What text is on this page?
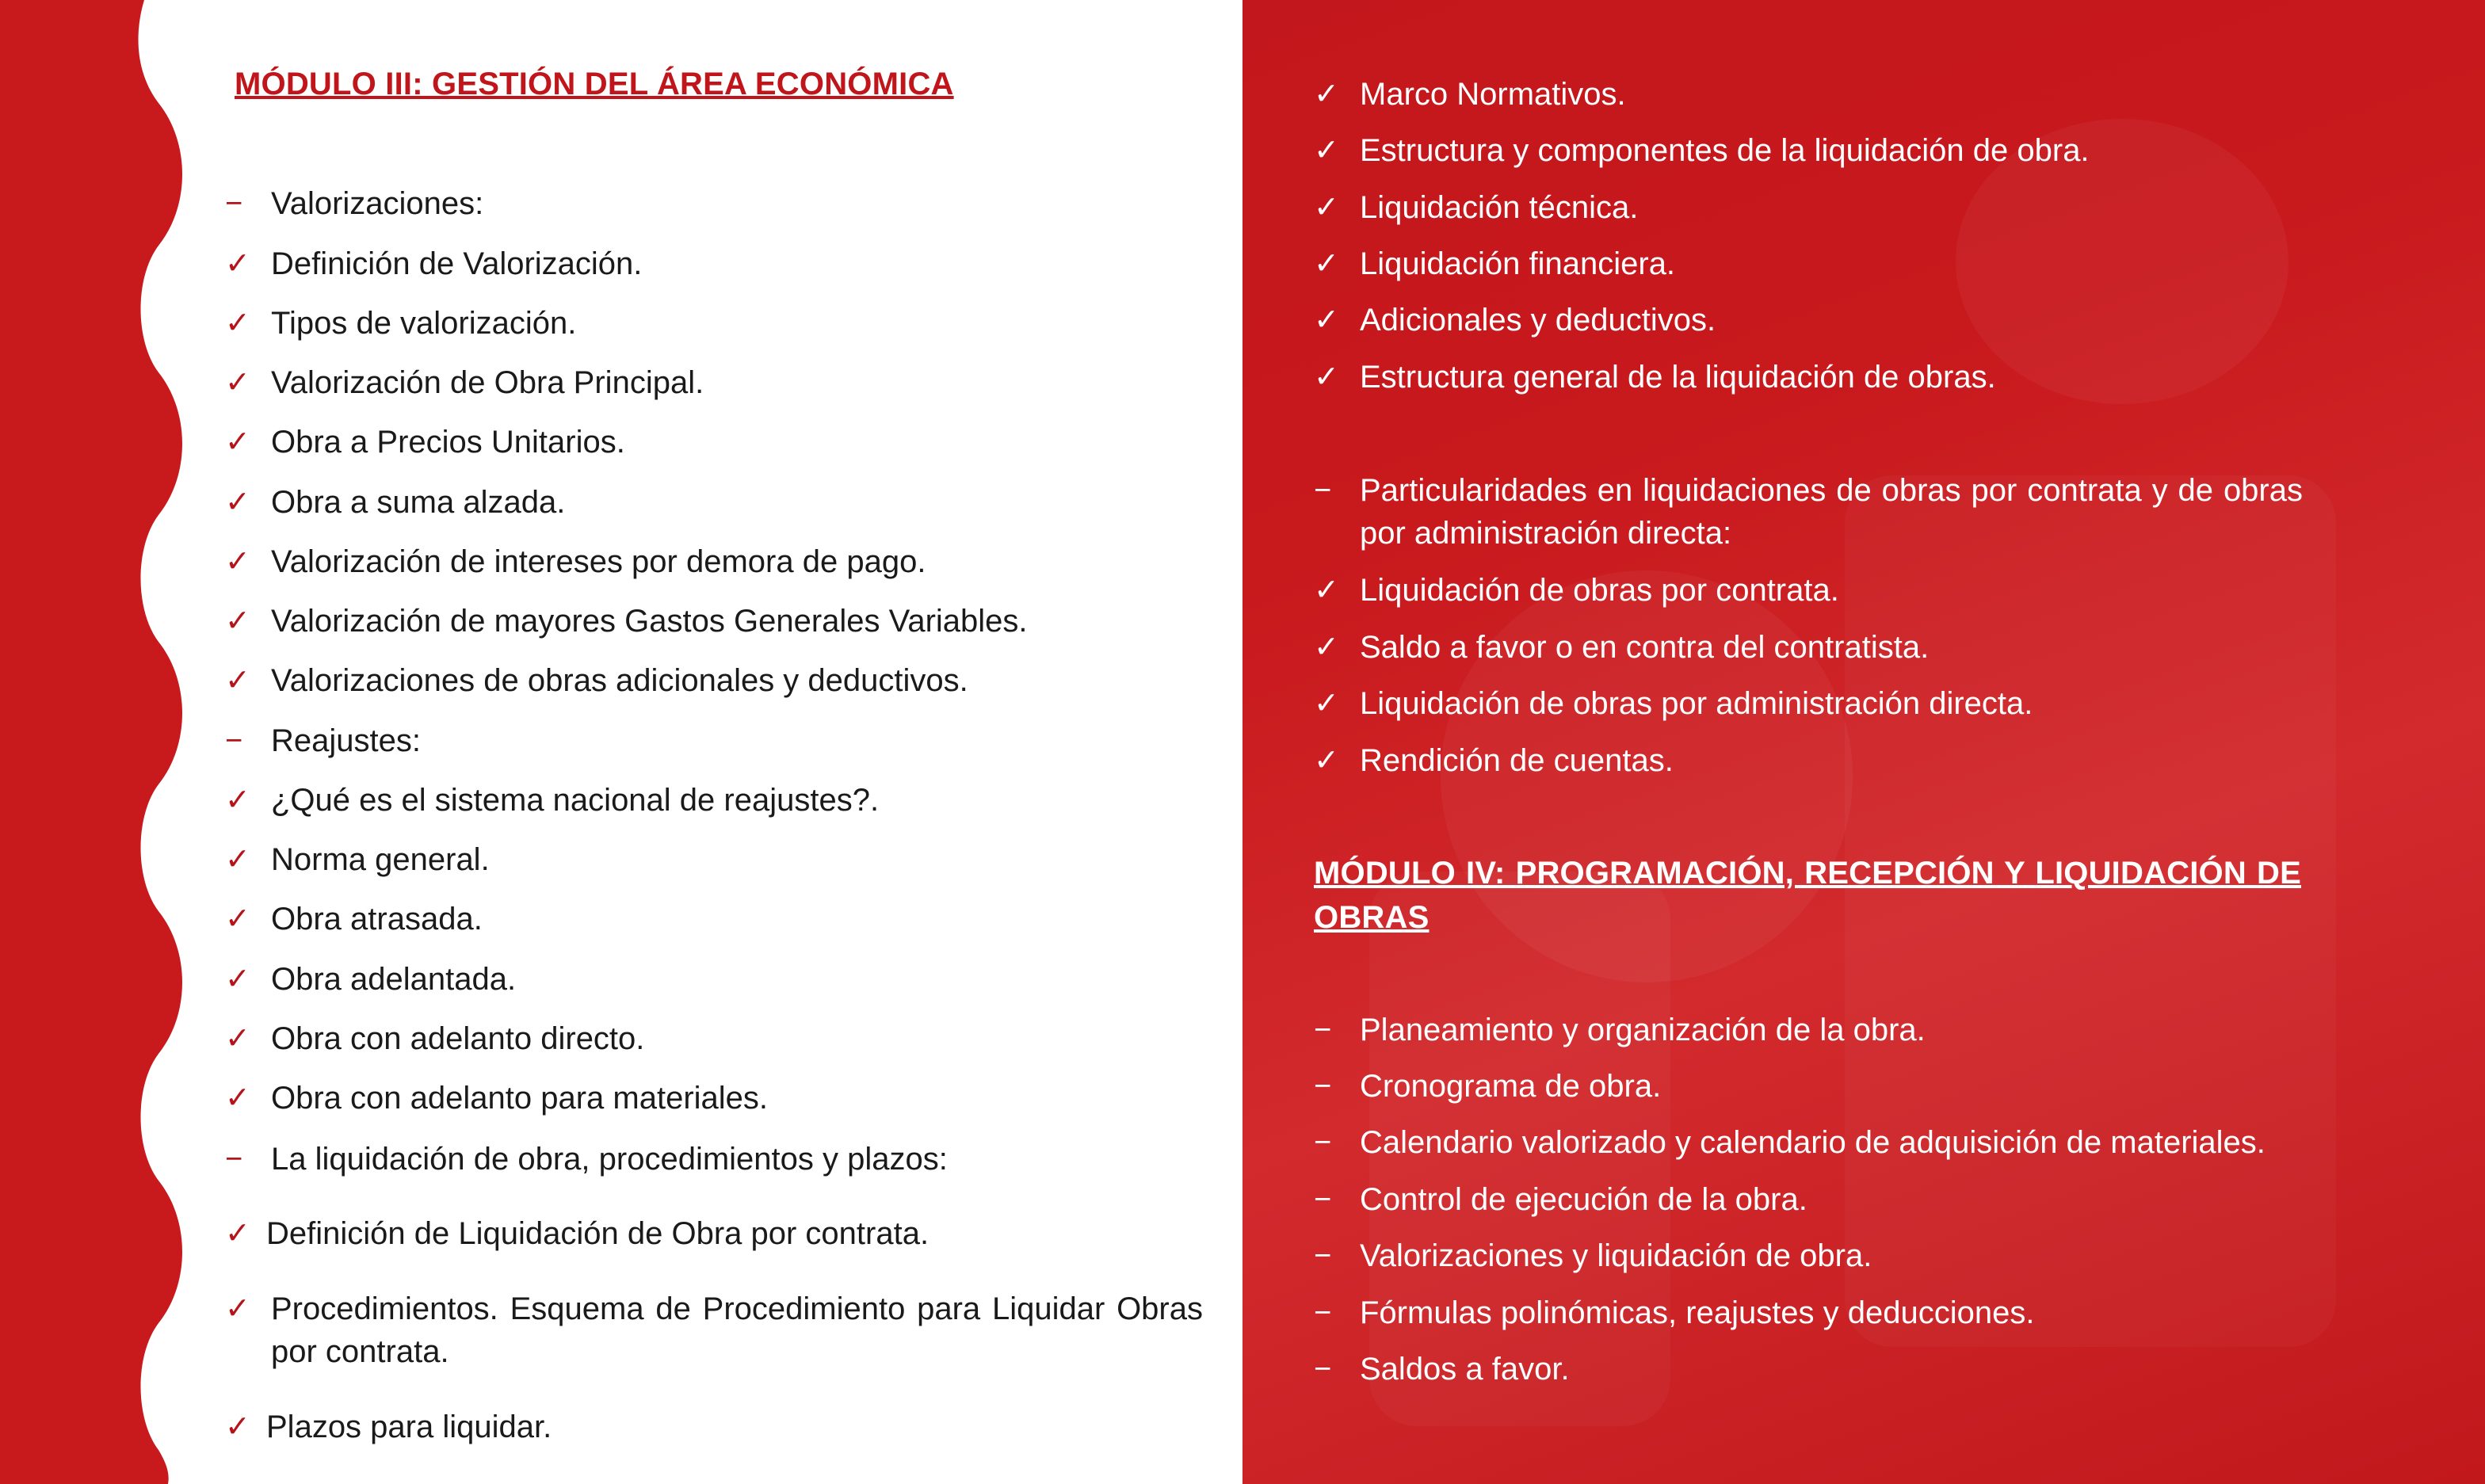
MÓDULO III: GESTIÓN DEL ÁREA ECONÓMICA
− Valorizaciones:
✓ Definición de Valorización.
✓ Tipos de valorización.
✓ Valorización de Obra Principal.
✓ Obra a Precios Unitarios.
✓ Obra a suma alzada.
✓ Valorización de intereses por demora de pago.
✓ Valorización de mayores Gastos Generales Variables.
✓ Valorizaciones de obras adicionales y deductivos.
− Reajustes:
✓ ¿Qué es el sistema nacional de reajustes?.
✓ Norma general.
✓ Obra atrasada.
✓ Obra adelantada.
✓ Obra con adelanto directo.
✓ Obra con adelanto para materiales.
− La liquidación de obra, procedimientos y plazos:
✓ Definición de Liquidación de Obra por contrata.
✓ Procedimientos. Esquema de Procedimiento para Liquidar Obras por contrata.
✓ Plazos para liquidar.
✓ Marco Normativos.
✓ Estructura y componentes de la liquidación de obra.
✓ Liquidación técnica.
✓ Liquidación financiera.
✓ Adicionales y deductivos.
✓ Estructura general de la liquidación de obras.
− Particularidades en liquidaciones de obras por contrata y de obras por administración directa:
✓ Liquidación de obras por contrata.
✓ Saldo a favor o en contra del contratista.
✓ Liquidación de obras por administración directa.
✓ Rendición de cuentas.
MÓDULO IV: PROGRAMACIÓN, RECEPCIÓN Y LIQUIDACIÓN DE OBRAS
− Planeamiento y organización de la obra.
− Cronograma de obra.
− Calendario valorizado y calendario de adquisición de materiales.
− Control de ejecución de la obra.
− Valorizaciones y liquidación de obra.
− Fórmulas polinómicas, reajustes y deducciones.
− Saldos a favor.
